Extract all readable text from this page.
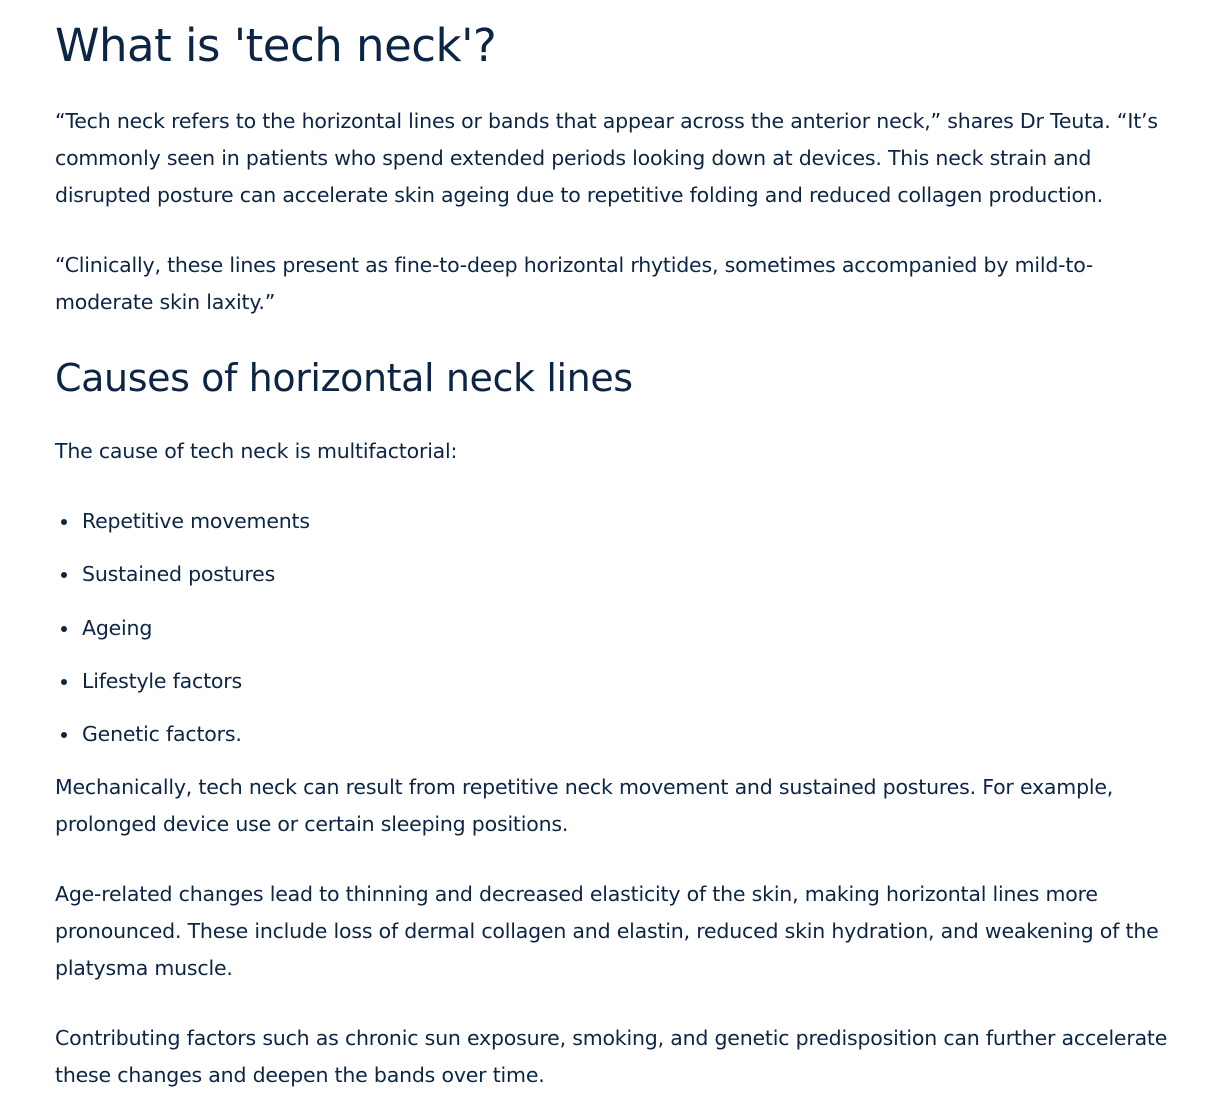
What is 'tech neck'?

“Tech neck refers to the horizontal lines or bands that appear across the anterior neck,” shares Dr Teuta. “It’s commonly seen in patients who spend extended periods looking down at devices. This neck strain and disrupted posture can accelerate skin ageing due to repetitive folding and reduced collagen production.

“Clinically, these lines present as fine-to-deep horizontal rhytides, sometimes accompanied by mild-to-moderate skin laxity.”

Causes of horizontal neck lines

The cause of tech neck is multifactorial:

Repetitive movements
Sustained postures
Ageing
Lifestyle factors
Genetic factors.

Mechanically, tech neck can result from repetitive neck movement and sustained postures. For example, prolonged device use or certain sleeping positions.

Age-related changes lead to thinning and decreased elasticity of the skin, making horizontal lines more pronounced. These include loss of dermal collagen and elastin, reduced skin hydration, and weakening of the platysma muscle.

Contributing factors such as chronic sun exposure, smoking, and genetic predisposition can further accelerate these changes and deepen the bands over time.
